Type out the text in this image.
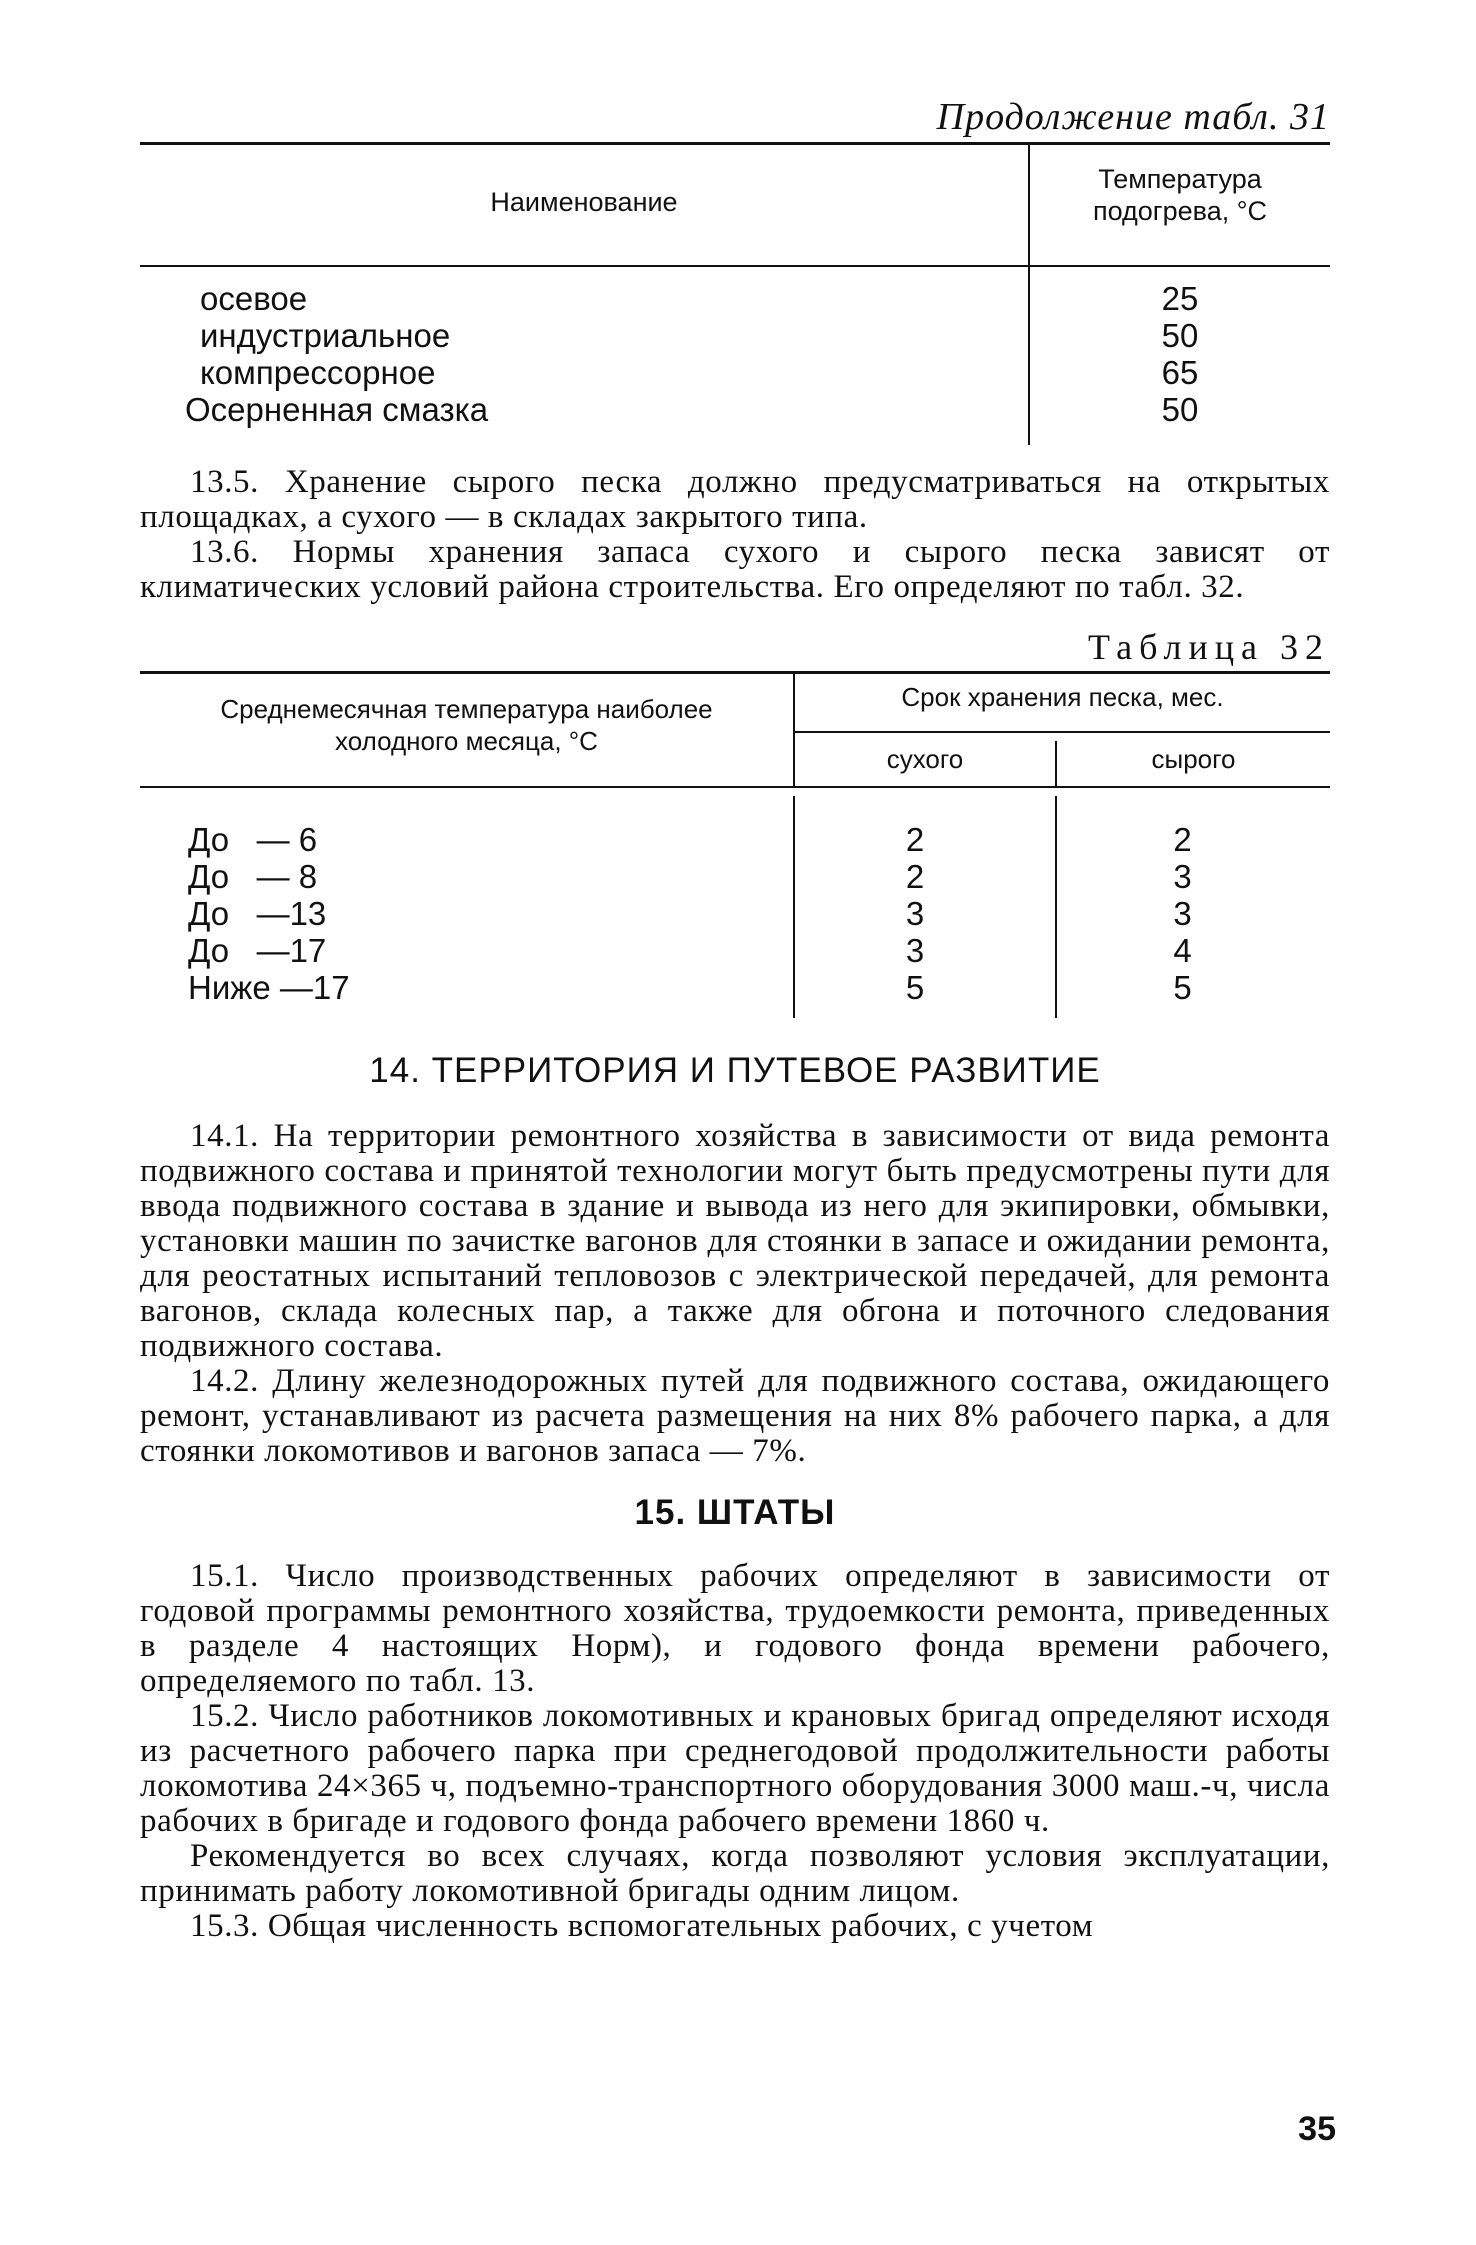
Продолжение табл. 31
Наименование
Температура
подогрева, °С
осевое	25
индустриальное	50
компрессорное	65
Осерненная смазка	50

13.5. Хранение сырого песка должно предусматриваться на открытых площадках, а сухого — в складах закрытого типа.

13.6. Нормы хранения запаса сухого и сырого песка зависят от климатических условий района строительства. Его определяют по табл. 32.

Таблица 32
Среднемесячная температура наиболее
холодного месяца, °С
Срок хранения песка, мес.
сухого	сырого
До   — 6	2	2
До   — 8	2	3
До   —13	3	3
До   —17	3	4
Ниже —17	5	5
14. ТЕРРИТОРИЯ И ПУТЕВОЕ РАЗВИТИЕ

14.1. На территории ремонтного хозяйства в зависимости от вида ремонта подвижного состава и принятой технологии могут быть предусмотрены пути для ввода подвижного состава в здание и вывода из него для экипировки, обмывки, установки машин по зачистке вагонов для стоянки в запасе и ожидании ремонта, для реостатных испытаний тепловозов с электрической передачей, для ремонта вагонов, склада колесных пар, а также для обгона и поточного следования подвижного состава.

14.2. Длину железнодорожных путей для подвижного состава, ожидающего ремонт, устанавливают из расчета размещения на них 8% рабочего парка, а для стоянки локомотивов и вагонов запаса — 7%.

15. ШТАТЫ

15.1. Число производственных рабочих определяют в зависимости от годовой программы ремонтного хозяйства, трудоемкости ремонта, приведенных в разделе 4 настоящих Норм), и годового фонда времени рабочего, определяемого по табл. 13.

15.2. Число работников локомотивных и крановых бригад определяют исходя из расчетного рабочего парка при среднегодовой продолжительности работы локомотива 24×365 ч, подъемно-транспортного оборудования 3000 маш.-ч, числа рабочих в бригаде и годового фонда рабочего времени 1860 ч.

Рекомендуется во всех случаях, когда позволяют условия эксплуатации, принимать работу локомотивной бригады одним лицом.

15.3. Общая численность вспомогательных рабочих, с учетом

35
